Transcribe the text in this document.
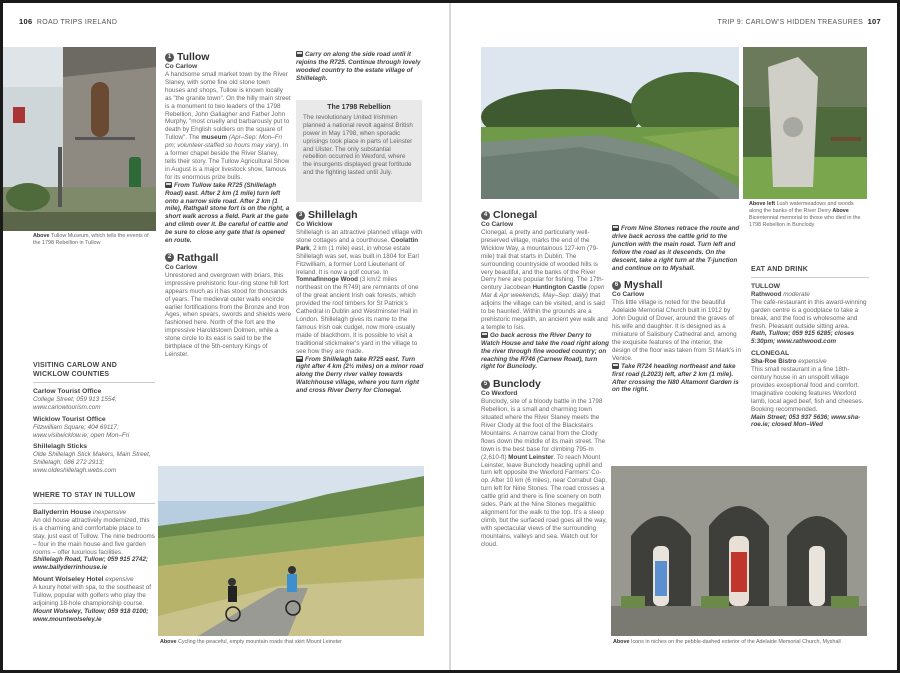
106 ROAD TRIPS IRELAND
Above Tullow Museum, which tells the events of the 1798 Rebellion in Tullow
VISITING CARLOW AND WICKLOW COUNTIES

Carlow Tourist Office

College Street; 059 913 1554; www.carlowtourism.com

Wicklow Tourist Office

Fitzwilliam Square; 404 69117; www.visitwicklow.ie; open Mon–Fri

Shillelagh Sticks

Olde Shillelagh Stick Makers, Main Street, Shillelagh; 086 272 2913; www.oldeshillelagh.webs.com

WHERE TO STAY IN TULLOW

Ballyderrin House inexpensive

An old house attractively modernized, this is a charming and comfortable place to stay, just east of Tullow. The nine bedrooms – four in the main house and five garden rooms – offer luxurious facilities.

Shillelagh Road, Tullow; 059 915 2742; www.ballyderrinhouse.ie

Mount Wolseley Hotel expensive

A luxury hotel with spa, to the southeast of Tullow, popular with golfers who play the adjoining 18-hole championship course.

Mount Wolseley, Tullow; 059 918 0100; www.mountwolseley.ie

1 Tullow

Co Carlow

A handsome small market town by the River Slaney, with some fine old stone town houses and shops, Tullow is known locally as "the granite town". On the hilly main street is a monument to two leaders of the 1798 Rebellion, John Gallagher and Father John Murphy, "most cruelly and barbarously put to death by English soldiers on the square of Tullow". The museum (Apr–Sep: Mon–Fri pm; volunteer-staffed so hours may vary). In a former chapel beside the River Slaney, tells their story. The Tullow Agricultural Show in August is a major livestock show, famous for its enormous prize bulls.

From Tullow take R725 (Shillelagh Road) east. After 2 km (1 mile) turn left onto a narrow side road. After 2 km (1 mile), Rathgall stone fort is on the right, a short walk across a field. Park at the gate and climb over it. Be careful of cattle and be sure to close any gate that is opened en route.

2 Rathgall

Co Carlow

Unrestored and overgrown with briars, this impressive prehistoric four-ring stone hill fort appears much as it has stood for thousands of years. The medieval outer walls encircle earlier fortifications from the Bronze and Iron Ages, when spears, swords and shields were fashioned here. North of the fort are the impressive Haroldstown Dolmen, while a stone circle to its east is said to be the birthplace of the 5th-century Kings of Leinster.

Carry on along the side road until it rejoins the R725. Continue through lovely wooded country to the estate village of Shillelagh.

The 1798 Rebellion

The revolutionary United Irishmen planned a national revolt against British power in May 1798, when sporadic uprisings took place in parts of Leinster and Ulster. The only substantial rebellion occurred in Wexford, where the insurgents displayed great fortitude and the fighting lasted until July.

3 Shillelagh

Co Wicklow

Shillelagh is an attractive planned village with stone cottages and a courthouse. Coolattin Park, 2 km (1 mile) east, in whose estate Shillelagh was set, was built in 1804 for Earl Fitzwilliam, a former Lord Lieutenant of Ireland. It is now a golf course. In Tomnafinnoge Wood (3 km/2 miles northeast on the R749) are remnants of one of the great ancient Irish oak forests, which provided the roof timbers for St Patrick's Cathedral in Dublin and Westminster Hall in London. Shillelagh gives its name to the famous Irish oak cudgel, now more usually made of blackthorn. It is possible to visit a traditional stickmaker's yard in the village to see how they are made.

From Shillelagh take R725 east. Turn right after 4 km (2½ miles) on a minor road along the Derry river valley towards Watchhouse village, where you turn right and cross River Derry for Clonegal.

Above Cycling the peaceful, empty mountain roads that skirt Mount Leinster
TRIP 9: CARLOW'S HIDDEN TREASURES 107
Above left Lush watermeadows and woods along the banks of the River Derry Above Bicentennial memorial to those who died in the 1798 Rebellion in Bunclody

4 Clonegal

Co Carlow

Clonegal, a pretty and particularly well-preserved village, marks the end of the Wicklow Way, a mountainous 127-km (79-mile) trail that starts in Dublin. The surrounding countryside of wooded hills is very beautiful, and the banks of the River Derry here are popular for fishing. The 17th-century Jacobean Huntington Castle (open Mar & Apr weekends, May–Sep: daily) that adjoins the village can be visited, and is said to be haunted. Within the grounds are a prehistoric megalith, an ancient yew walk and a temple to Isis.

Go back across the River Derry to Watch House and take the road right along the river through fine wooded country; on reaching the R746 (Carnew Road), turn right for Bunclody.

5 Bunclody

Co Wexford

Bunclody, site of a bloody battle in the 1798 Rebellion, is a small and charming town situated where the River Slaney meets the River Clody at the foot of the Blackstairs Mountains. A narrow canal from the Clody flows down the middle of its main street. The town is the best base for climbing 795-m (2,610-ft) Mount Leinster. To reach Mount Leinster, leave Bunclody heading uphill and turn left opposite the Wexford Farmers' Co-op. After 10 km (6 miles), near Corrabut Gap, turn left for Nine Stones. The road crosses a cattle grid and there is fine scenery on both sides. Park at the Nine Stones megalithic alignment for the walk to the top. It's a steep climb, but the surfaced road goes all the way, with spectacular views of the surrounding mountains, valleys and sea. Watch out for cloud.

From Nine Stones retrace the route and drive back across the cattle grid to the junction with the main road. Turn left and follow the road as it descends. On the descent, take a right turn at the T-junction and continue on to Myshall.

6 Myshall

Co Carlow

This little village is noted for the beautiful Adelaide Memorial Church built in 1912 by John Duguid of Dover, around the graves of his wife and daughter. It is designed as a miniature of Salisbury Cathedral and, among the exquisite features of the interior, the design of the floor was taken from St Mark's in Venice.

Take R724 heading northeast and take first road (L2023) left, after 2 km (1 mile). After crossing the N80 Altamont Garden is on the right.

EAT AND DRINK

TULLOW

Rathwood moderate

The café-restaurant in this award-winning garden centre is a goodplace to take a break, and the food is wholesome and fresh. Pleasant outside sitting area.

Rath, Tullow; 059 915 6285; closes 5:30pm; www.rathwood.com

CLONEGAL

Sha-Roe Bistro expensive

This small restaurant in a fine 18th-century house in an unspoilt village provides exceptional food and comfort. Imaginative cooking features Wexford lamb, local aged beef, fish and cheeses. Booking recommended.

Main Street; 053 937 5636; www.sha-roe.ie; closed Mon–Wed

Above Icons in niches on the pebble-dashed exterior of the Adelaide Memorial Church, Myshall
